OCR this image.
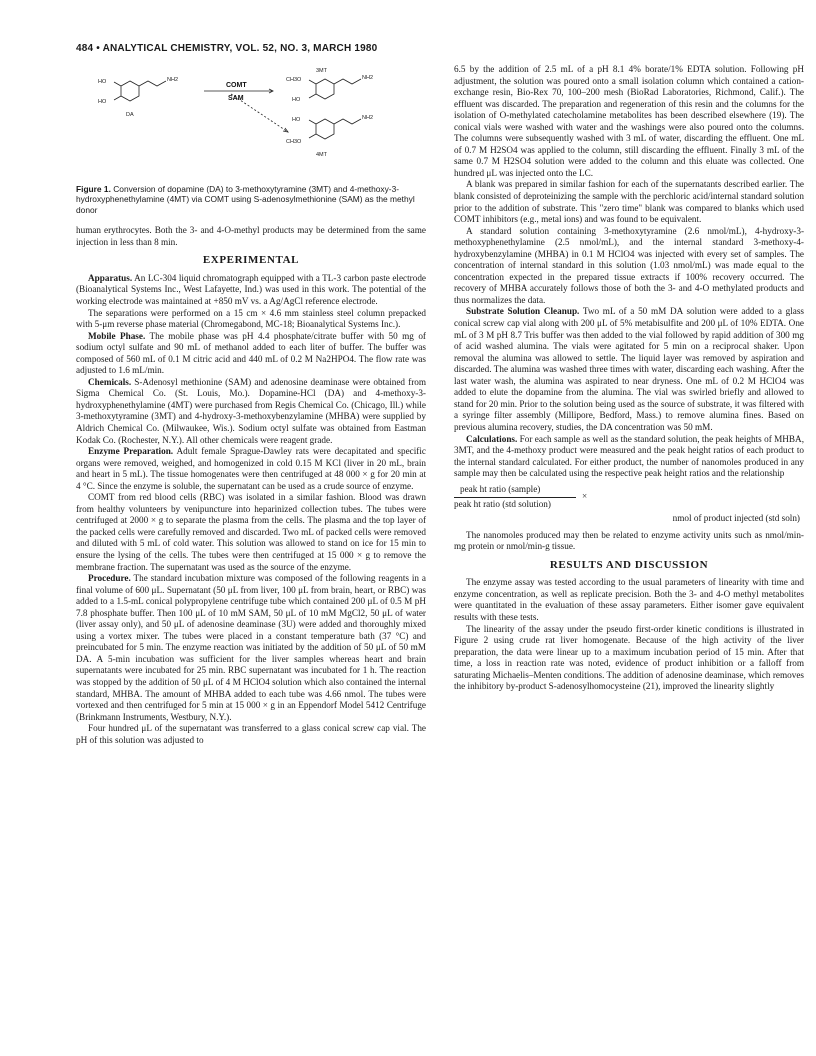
484 • ANALYTICAL CHEMISTRY, VOL. 52, NO. 3, MARCH 1980
HO
HO
NH2
DA
COMT
SAM
3MT
CH3O
HO
NH2
HO
CH3O
NH2
4MT
Figure 1. Conversion of dopamine (DA) to 3-methoxytyramine (3MT) and 4-methoxy-3-hydroxyphenethylamine (4MT) via COMT using S-adenosylmethionine (SAM) as the methyl donor

human erythrocytes. Both the 3- and 4-O-methyl products may be determined from the same injection in less than 8 min.

EXPERIMENTAL

Apparatus. An LC-304 liquid chromatograph equipped with a TL-3 carbon paste electrode (Bioanalytical Systems Inc., West Lafayette, Ind.) was used in this work. The potential of the working electrode was maintained at +850 mV vs. a Ag/AgCl reference electrode.

The separations were performed on a 15 cm × 4.6 mm stainless steel column prepacked with 5-μm reverse phase material (Chromegabond, MC-18; Bioanalytical Systems Inc.).

Mobile Phase. The mobile phase was pH 4.4 phosphate/citrate buffer with 50 mg of sodium octyl sulfate and 90 mL of methanol added to each liter of buffer. The buffer was composed of 560 mL of 0.1 M citric acid and 440 mL of 0.2 M Na2HPO4. The flow rate was adjusted to 1.6 mL/min.

Chemicals. S-Adenosyl methionine (SAM) and adenosine deaminase were obtained from Sigma Chemical Co. (St. Louis, Mo.). Dopamine-HCl (DA) and 4-methoxy-3-hydroxyphenethylamine (4MT) were purchased from Regis Chemical Co. (Chicago, Ill.) while 3-methoxytyramine (3MT) and 4-hydroxy-3-methoxybenzylamine (MHBA) were supplied by Aldrich Chemical Co. (Milwaukee, Wis.). Sodium octyl sulfate was obtained from Eastman Kodak Co. (Rochester, N.Y.). All other chemicals were reagent grade.

Enzyme Preparation. Adult female Sprague-Dawley rats were decapitated and specific organs were removed, weighed, and homogenized in cold 0.15 M KCl (liver in 20 mL, brain and heart in 5 mL). The tissue homogenates were then centrifuged at 48 000 × g for 20 min at 4 °C. Since the enzyme is soluble, the supernatant can be used as a crude source of enzyme.

COMT from red blood cells (RBC) was isolated in a similar fashion. Blood was drawn from healthy volunteers by venipuncture into heparinized collection tubes. The tubes were centrifuged at 2000 × g to separate the plasma from the cells. The plasma and the top layer of the packed cells were carefully removed and discarded. Two mL of packed cells were removed and diluted with 5 mL of cold water. This solution was allowed to stand on ice for 15 min to ensure the lysing of the cells. The tubes were then centrifuged at 15 000 × g to remove the membrane fraction. The supernatant was used as the source of the enzyme.

Procedure. The standard incubation mixture was composed of the following reagents in a final volume of 600 μL. Supernatant (50 μL from liver, 100 μL from brain, heart, or RBC) was added to a 1.5-mL conical polypropylene centrifuge tube which contained 200 μL of 0.5 M pH 7.8 phosphate buffer. Then 100 μL of 10 mM SAM, 50 μL of 10 mM MgCl2, 50 μL of water (liver assay only), and 50 μL of adenosine deaminase (3U) were added and thoroughly mixed using a vortex mixer. The tubes were placed in a constant temperature bath (37 °C) and preincubated for 5 min. The enzyme reaction was initiated by the addition of 50 μL of 50 mM DA. A 5-min incubation was sufficient for the liver samples whereas heart and brain supernatants were incubated for 25 min. RBC supernatant was incubated for 1 h. The reaction was stopped by the addition of 50 μL of 4 M HClO4 solution which also contained the internal standard, MHBA. The amount of MHBA added to each tube was 4.66 nmol. The tubes were vortexed and then centrifuged for 5 min at 15 000 × g in an Eppendorf Model 5412 Centrifuge (Brinkmann Instruments, Westbury, N.Y.).

Four hundred μL of the supernatant was transferred to a glass conical screw cap vial. The pH of this solution was adjusted to

6.5 by the addition of 2.5 mL of a pH 8.1 4% borate/1% EDTA solution. Following pH adjustment, the solution was poured onto a small isolation column which contained a cation-exchange resin, Bio-Rex 70, 100–200 mesh (BioRad Laboratories, Richmond, Calif.). The effluent was discarded. The preparation and regeneration of this resin and the columns for the isolation of O-methylated catecholamine metabolites has been described elsewhere (19). The conical vials were washed with water and the washings were also poured onto the columns. The columns were subsequently washed with 3 mL of water, discarding the effluent. One mL of 0.7 M H2SO4 was applied to the column, still discarding the effluent. Finally 3 mL of the same 0.7 M H2SO4 solution were added to the column and this eluate was collected. One hundred μL was injected onto the LC.

A blank was prepared in similar fashion for each of the supernatants described earlier. The blank consisted of deproteinizing the sample with the perchloric acid/internal standard solution prior to the addition of substrate. This "zero time" blank was compared to blanks which used COMT inhibitors (e.g., metal ions) and was found to be equivalent.

A standard solution containing 3-methoxytyramine (2.6 nmol/mL), 4-hydroxy-3-methoxyphenethylamine (2.5 nmol/mL), and the internal standard 3-methoxy-4-hydroxybenzylamine (MHBA) in 0.1 M HClO4 was injected with every set of samples. The concentration of internal standard in this solution (1.03 nmol/mL) was made equal to the concentration expected in the prepared tissue extracts if 100% recovery occurred. The recovery of MHBA accurately follows those of both the 3- and 4-O methylated products and thus normalizes the data.

Substrate Solution Cleanup. Two mL of a 50 mM DA solution were added to a glass conical screw cap vial along with 200 μL of 5% metabisulfite and 200 μL of 10% EDTA. One mL of 3 M pH 8.7 Tris buffer was then added to the vial followed by rapid addition of 300 mg of acid washed alumina. The vials were agitated for 5 min on a reciprocal shaker. Upon removal the alumina was allowed to settle. The liquid layer was removed by aspiration and discarded. The alumina was washed three times with water, discarding each washing. After the last water wash, the alumina was aspirated to near dryness. One mL of 0.2 M HClO4 was added to elute the dopamine from the alumina. The vial was swirled briefly and allowed to stand for 20 min. Prior to the solution being used as the source of substrate, it was filtered with a syringe filter assembly (Millipore, Bedford, Mass.) to remove alumina fines. Based on previous alumina recovery, studies, the DA concentration was 50 mM.

Calculations. For each sample as well as the standard solution, the peak heights of MHBA, 3MT, and the 4-methoxy product were measured and the peak height ratios of each product to the internal standard calculated. For either product, the number of nanomoles produced in any sample may then be calculated using the respective peak height ratios and the relationship

peak ht ratio (sample)
×
peak ht ratio (std solution)
nmol of product injected (std soln)

The nanomoles produced may then be related to enzyme activity units such as nmol/min-mg protein or nmol/min-g tissue.

RESULTS AND DISCUSSION

The enzyme assay was tested according to the usual parameters of linearity with time and enzyme concentration, as well as replicate precision. Both the 3- and 4-O methyl metabolites were quantitated in the evaluation of these assay parameters. Either isomer gave equivalent results with these tests.

The linearity of the assay under the pseudo first-order kinetic conditions is illustrated in Figure 2 using crude rat liver homogenate. Because of the high activity of the liver preparation, the data were linear up to a maximum incubation period of 15 min. After that time, a loss in reaction rate was noted, evidence of product inhibition or a falloff from saturating Michaelis–Menten conditions. The addition of adenosine deaminase, which removes the inhibitory by-product S-adenosylhomocysteine (21), improved the linearity slightly
